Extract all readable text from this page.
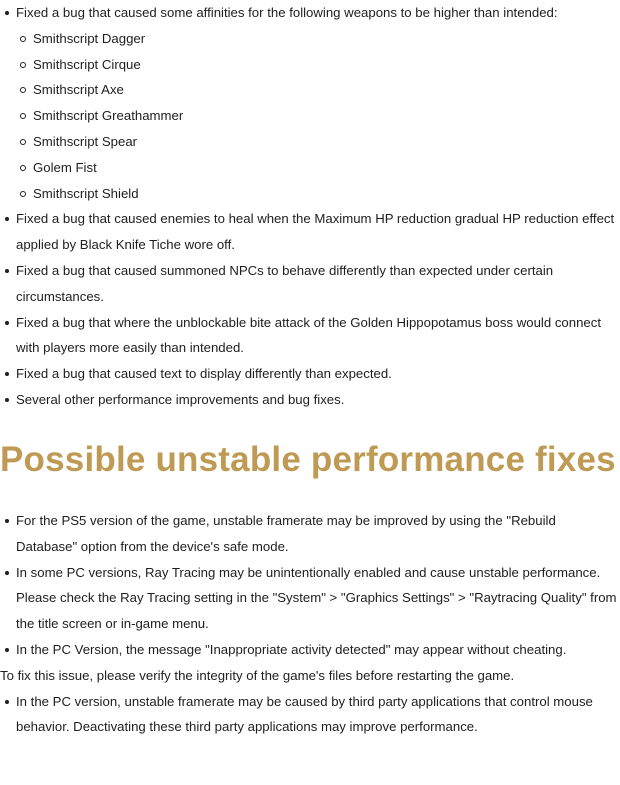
Fixed a bug that caused some affinities for the following weapons to be higher than intended:
Smithscript Dagger
Smithscript Cirque
Smithscript Axe
Smithscript Greathammer
Smithscript Spear
Golem Fist
Smithscript Shield
Fixed a bug that caused enemies to heal when the Maximum HP reduction gradual HP reduction effect applied by Black Knife Tiche wore off.
Fixed a bug that caused summoned NPCs to behave differently than expected under certain circumstances.
Fixed a bug that where the unblockable bite attack of the Golden Hippopotamus boss would connect with players more easily than intended.
Fixed a bug that caused text to display differently than expected.
Several other performance improvements and bug fixes.
Possible unstable performance fixes
For the PS5 version of the game, unstable framerate may be improved by using the "Rebuild Database" option from the device's safe mode.
In some PC versions, Ray Tracing may be unintentionally enabled and cause unstable performance. Please check the Ray Tracing setting in the "System" > "Graphics Settings" > "Raytracing Quality" from the title screen or in-game menu.
In the PC Version, the message "Inappropriate activity detected" may appear without cheating.

To fix this issue, please verify the integrity of the game's files before restarting the game.

In the PC version, unstable framerate may be caused by third party applications that control mouse behavior. Deactivating these third party applications may improve performance.
